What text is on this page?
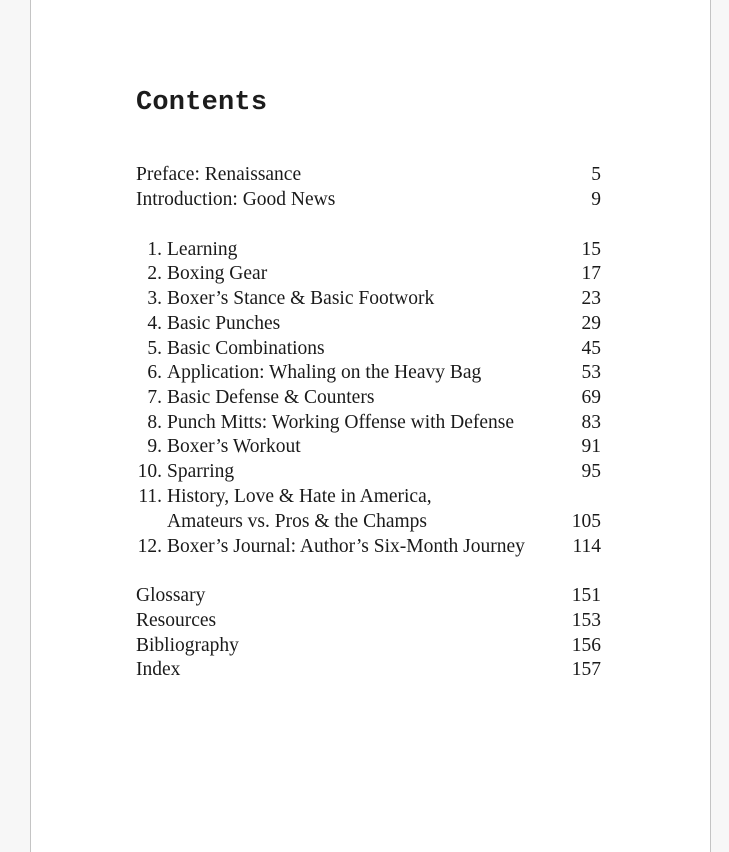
Contents
Preface: Renaissance	5
Introduction: Good News	9
1. Learning	15
2. Boxing Gear	17
3. Boxer’s Stance & Basic Footwork	23
4. Basic Punches	29
5. Basic Combinations	45
6. Application: Whaling on the Heavy Bag	53
7. Basic Defense & Counters	69
8. Punch Mitts: Working Offense with Defense	83
9. Boxer’s Workout	91
10. Sparring	95
11. History, Love & Hate in America,
Amateurs vs. Pros & the Champs	105
12. Boxer’s Journal: Author’s Six-Month Journey 114
Glossary	151
Resources	153
Bibliography	156
Index	157
